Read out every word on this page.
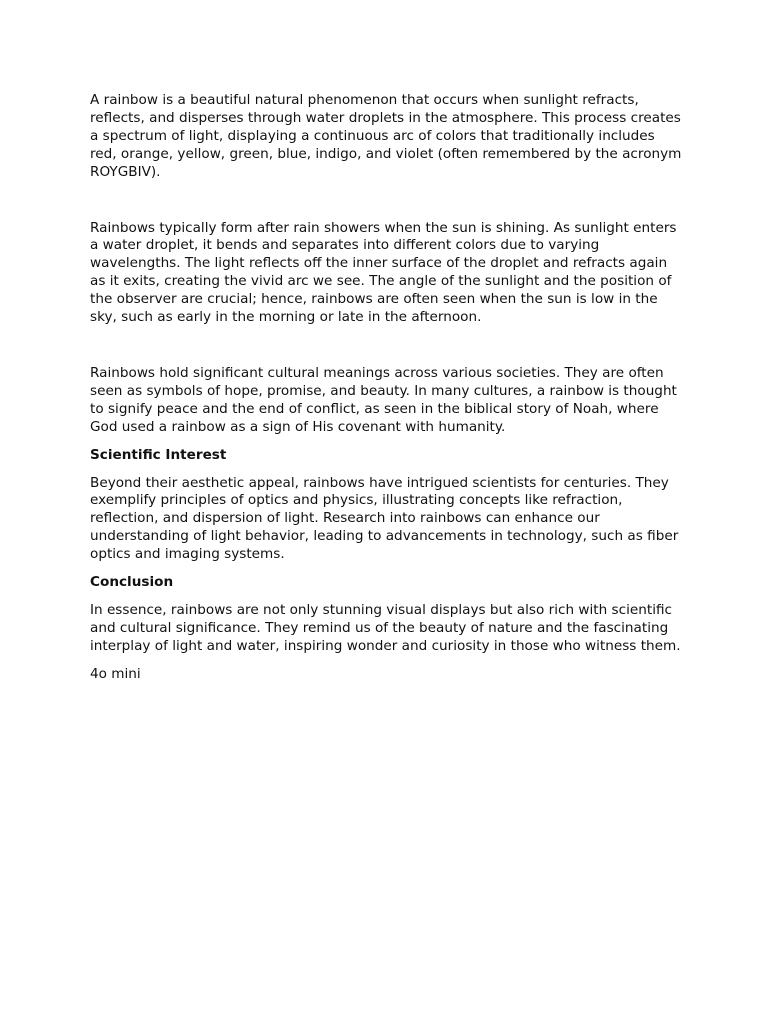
A rainbow is a beautiful natural phenomenon that occurs when sunlight refracts, reflects, and disperses through water droplets in the atmosphere. This process creates a spectrum of light, displaying a continuous arc of colors that traditionally includes red, orange, yellow, green, blue, indigo, and violet (often remembered by the acronym ROYGBIV).

Rainbows typically form after rain showers when the sun is shining. As sunlight enters a water droplet, it bends and separates into different colors due to varying wavelengths. The light reflects off the inner surface of the droplet and refracts again as it exits, creating the vivid arc we see. The angle of the sunlight and the position of the observer are crucial; hence, rainbows are often seen when the sun is low in the sky, such as early in the morning or late in the afternoon.

Rainbows hold significant cultural meanings across various societies. They are often seen as symbols of hope, promise, and beauty. In many cultures, a rainbow is thought to signify peace and the end of conflict, as seen in the biblical story of Noah, where God used a rainbow as a sign of His covenant with humanity.

Scientific Interest

Beyond their aesthetic appeal, rainbows have intrigued scientists for centuries. They exemplify principles of optics and physics, illustrating concepts like refraction, reflection, and dispersion of light. Research into rainbows can enhance our understanding of light behavior, leading to advancements in technology, such as fiber optics and imaging systems.

Conclusion

In essence, rainbows are not only stunning visual displays but also rich with scientific and cultural significance. They remind us of the beauty of nature and the fascinating interplay of light and water, inspiring wonder and curiosity in those who witness them.

4o mini
